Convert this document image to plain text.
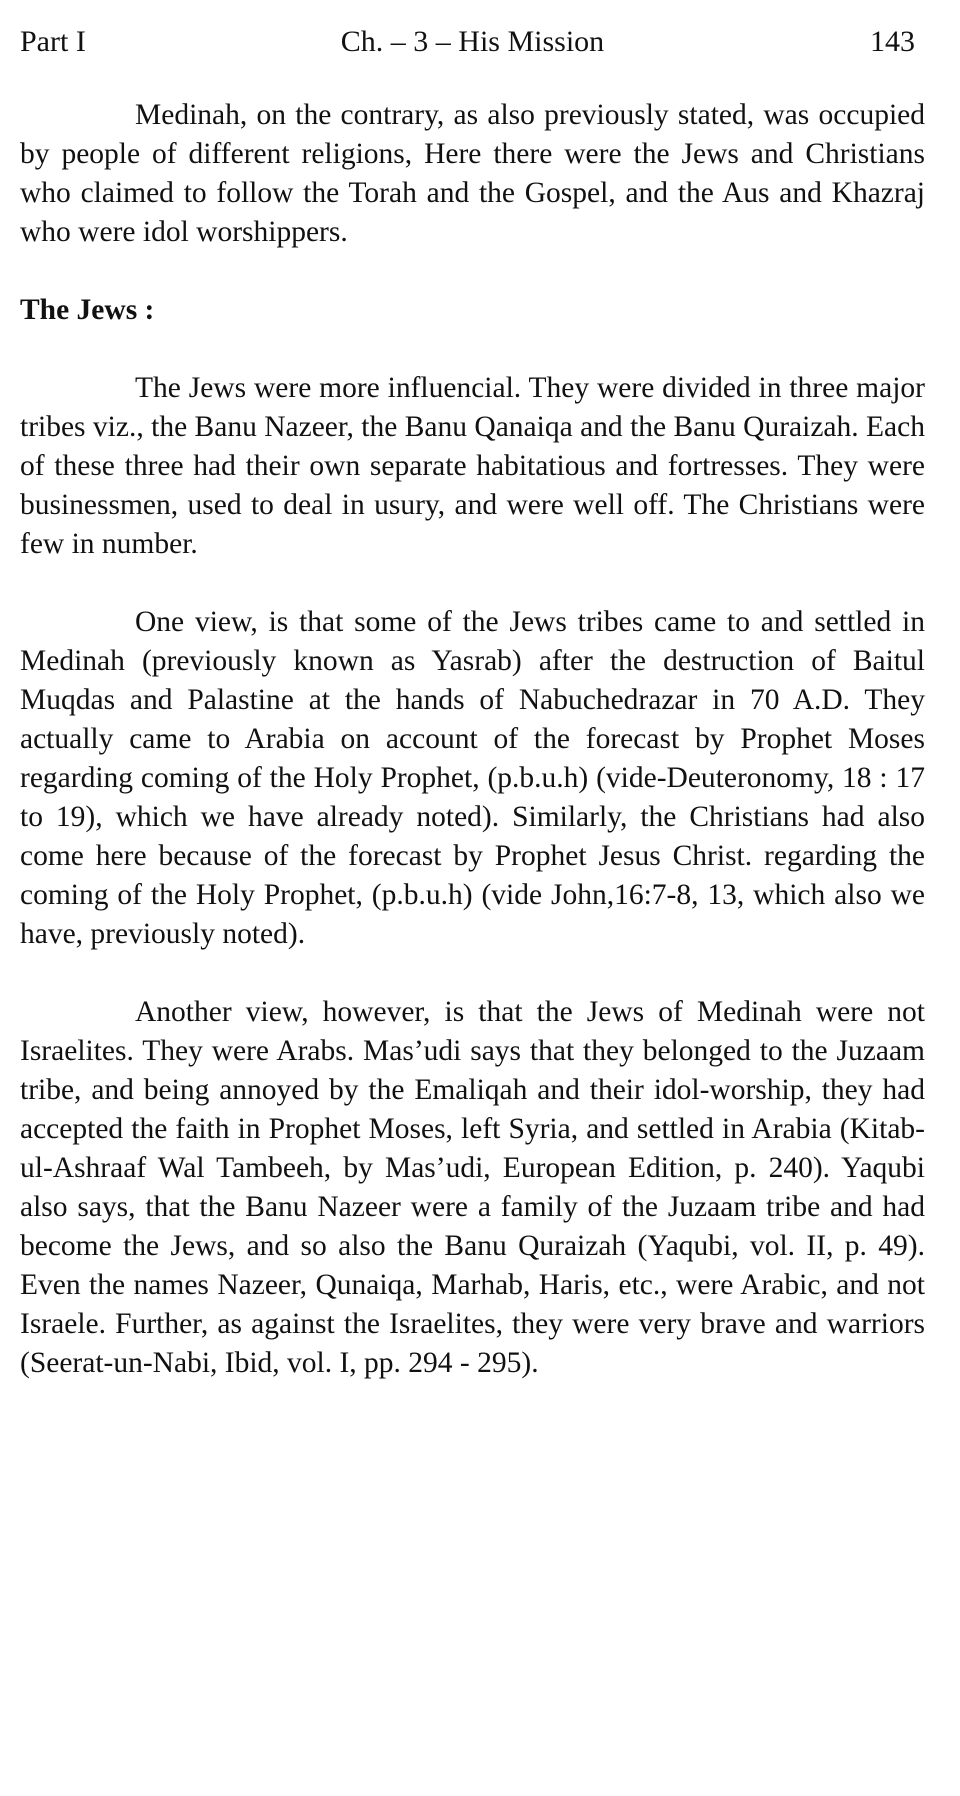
Part I	Ch. – 3 – His Mission	143

Medinah, on the contrary, as also previously stated, was occupied by people of different religions, Here there were the Jews and Christians who claimed to follow the Torah and the Gospel, and the Aus and Khazraj who were idol worshippers.

The Jews :

The Jews were more influencial. They were divided in three major tribes viz., the Banu Nazeer, the Banu Qanaiqa and the Banu Quraizah. Each of these three had their own separate habitatious and fortresses. They were businessmen, used to deal in usury, and were well off. The Christians were few in number.

One view, is that some of the Jews tribes came to and settled in Medinah (previously known as Yasrab) after the destruction of Baitul Muqdas and Palastine at the hands of Nabuchedrazar in 70 A.D. They actually came to Arabia on account of the forecast by Prophet Moses regarding coming of the Holy Prophet, (p.b.u.h) (vide-Deuteronomy, 18 : 17 to 19), which we have already noted). Similarly, the Christians had also come here because of the forecast by Prophet Jesus Christ. regarding the coming of the Holy Prophet, (p.b.u.h) (vide John,16:7-8, 13, which also we have, previously noted).

Another view, however, is that the Jews of Medinah were not Israelites. They were Arabs. Mas’udi says that they belonged to the Juzaam tribe, and being annoyed by the Emaliqah and their idol-worship, they had accepted the faith in Prophet Moses, left Syria, and settled in Arabia (Kitab-ul-Ashraaf Wal Tambeeh, by Mas’udi, European Edition, p. 240). Yaqubi also says, that the Banu Nazeer were a family of the Juzaam tribe and had become the Jews, and so also the Banu Quraizah (Yaqubi, vol. II, p. 49). Even the names Nazeer, Qunaiqa, Marhab, Haris, etc., were Arabic, and not Israele. Further, as against the Israelites, they were very brave and warriors (Seerat-un-Nabi, Ibid, vol. I, pp. 294 - 295).
